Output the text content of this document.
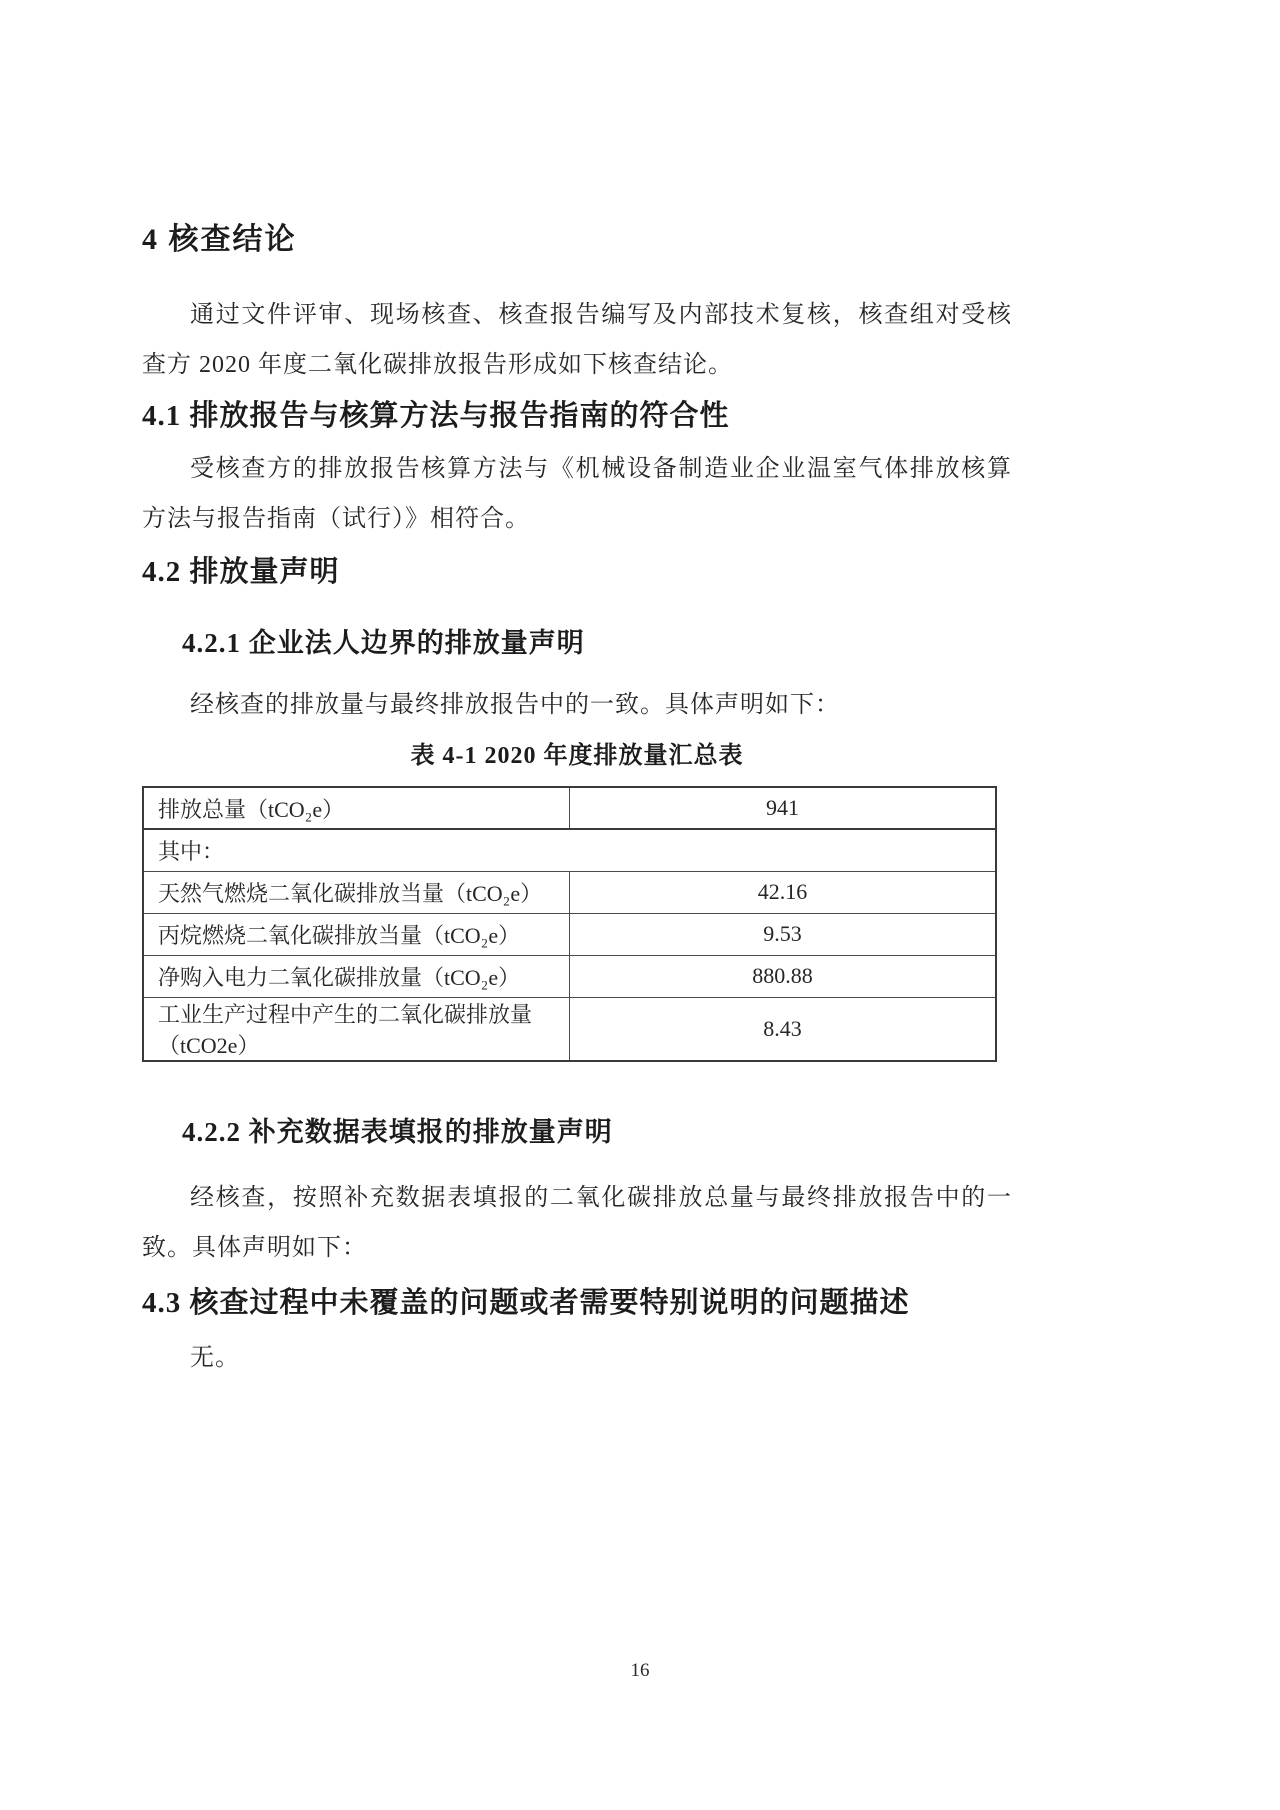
4 核查结论

通过文件评审、现场核查、核查报告编写及内部技术复核，核查组对受核查方 2020 年度二氧化碳排放报告形成如下核查结论。

4.1 排放报告与核算方法与报告指南的符合性

受核查方的排放报告核算方法与《机械设备制造业企业温室气体排放核算方法与报告指南（试行）》相符合。

4.2 排放量声明
4.2.1 企业法人边界的排放量声明

经核查的排放量与最终排放报告中的一致。具体声明如下：

表 4-1 2020 年度排放量汇总表
排放总量（tCO₂e）	941
其中：	
天然气燃烧二氧化碳排放当量（tCO₂e）	42.16
丙烷燃烧二氧化碳排放当量（tCO₂e）	9.53
净购入电力二氧化碳排放量（tCO₂e）	880.88
工业生产过程中产生的二氧化碳排放量（tCO2e）	8.43
4.2.2 补充数据表填报的排放量声明

经核查，按照补充数据表填报的二氧化碳排放总量与最终排放报告中的一致。具体声明如下：

4.3 核查过程中未覆盖的问题或者需要特别说明的问题描述

无。

16
